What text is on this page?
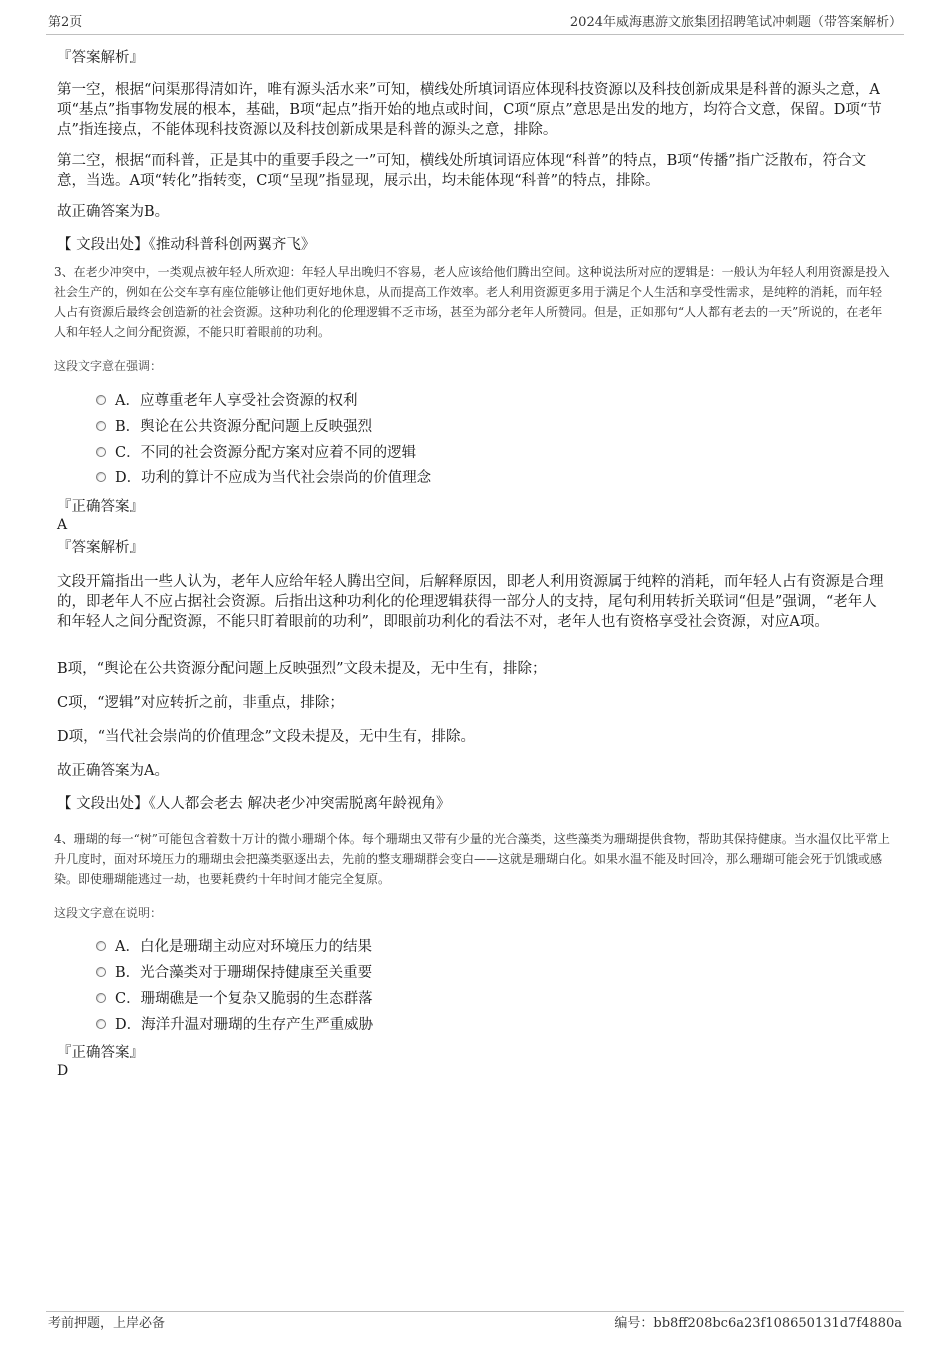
第2页	2024年威海惠游文旅集团招聘笔试冲刺题（带答案解析）
『答案解析』

第一空，根据“问渠那得清如许，唯有源头活水来”可知，横线处所填词语应体现科技资源以及科技创新成果是科普的源头之意，A项“基点”指事物发展的根本，基础，B项“起点”指开始的地点或时间，C项“原点”意思是出发的地方，均符合文意，保留。D项“节点”指连接点，不能体现科技资源以及科技创新成果是科普的源头之意，排除。

第二空，根据“而科普，正是其中的重要手段之一”可知，横线处所填词语应体现“科普”的特点，B项“传播”指广泛散布，符合文意，当选。A项“转化”指转变，C项“呈现”指显现，展示出，均未能体现“科普”的特点，排除。

故正确答案为B。

【 文段出处】《推动科普科创两翼齐飞》

3、在老少冲突中，一类观点被年轻人所欢迎：年轻人早出晚归不容易，老人应该给他们腾出空间。这种说法所对应的逻辑是：一般认为年轻人利用资源是投入社会生产的，例如在公交车享有座位能够让他们更好地休息，从而提高工作效率。老人利用资源更多用于满足个人生活和享受性需求，是纯粹的消耗，而年轻人占有资源后最终会创造新的社会资源。这种功利化的伦理逻辑不乏市场，甚至为部分老年人所赞同。但是，正如那句“人人都有老去的一天”所说的，在老年人和年轻人之间分配资源，不能只盯着眼前的功利。

这段文字意在强调：

A．应尊重老年人享受社会资源的权利
B．舆论在公共资源分配问题上反映强烈
C．不同的社会资源分配方案对应着不同的逻辑
D．功利的算计不应成为当代社会崇尚的价值理念
『正确答案』
A
『答案解析』

文段开篇指出一些人认为，老年人应给年轻人腾出空间，后解释原因，即老人利用资源属于纯粹的消耗，而年轻人占有资源是合理的，即老年人不应占据社会资源。后指出这种功利化的伦理逻辑获得一部分人的支持，尾句利用转折关联词“但是”强调，“老年人和年轻人之间分配资源，不能只盯着眼前的功利”，即眼前功利化的看法不对，老年人也有资格享受社会资源，对应A项。

B项，“舆论在公共资源分配问题上反映强烈”文段未提及，无中生有，排除；

C项，“逻辑”对应转折之前，非重点，排除；

D项，“当代社会崇尚的价值理念”文段未提及，无中生有，排除。

故正确答案为A。

【 文段出处】《人人都会老去 解决老少冲突需脱离年龄视角》

4、珊瑚的每一“树”可能包含着数十万计的微小珊瑚个体。每个珊瑚虫又带有少量的光合藻类，这些藻类为珊瑚提供食物，帮助其保持健康。当水温仅比平常上升几度时，面对环境压力的珊瑚虫会把藻类驱逐出去，先前的整支珊瑚群会变白——这就是珊瑚白化。如果水温不能及时回冷，那么珊瑚可能会死于饥饿或感染。即使珊瑚能逃过一劫，也要耗费约十年时间才能完全复原。

这段文字意在说明：

A．白化是珊瑚主动应对环境压力的结果
B．光合藻类对于珊瑚保持健康至关重要
C．珊瑚礁是一个复杂又脆弱的生态群落
D．海洋升温对珊瑚的生存产生严重威胁
『正确答案』
D
考前押题，上岸必备	编号：bb8ff208bc6a23f108650131d7f4880a
